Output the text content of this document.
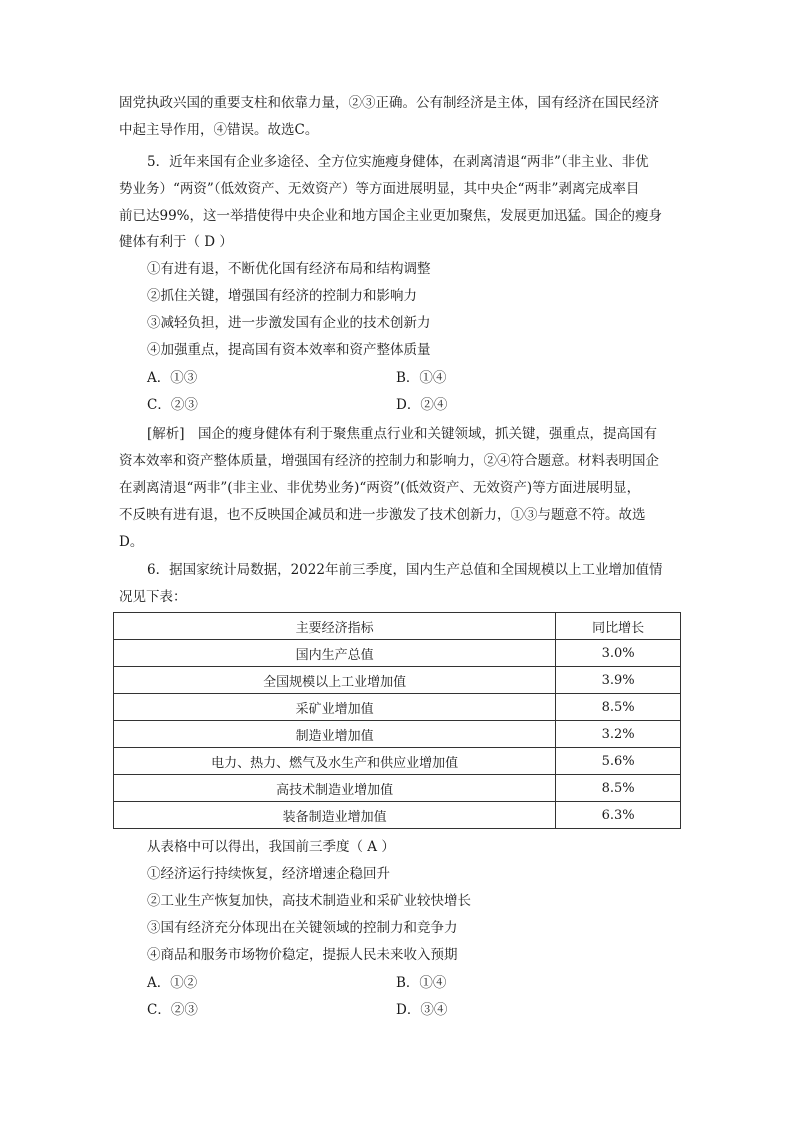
固党执政兴国的重要支柱和依靠力量，②③正确。公有制经济是主体，国有经济在国民经济

中起主导作用，④错误。故选C。

5．近年来国有企业多途径、全方位实施瘦身健体，在剥离清退“两非”（非主业、非优

势业务）“两资”（低效资产、无效资产）等方面进展明显，其中央企“两非”剥离完成率目

前已达99%，这一举措使得中央企业和地方国企主业更加聚焦，发展更加迅猛。国企的瘦身

健体有利于（ D ）

①有进有退，不断优化国有经济布局和结构调整

②抓住关键，增强国有经济的控制力和影响力

③减轻负担，进一步激发国有企业的技术创新力

④加强重点，提高国有资本效率和资产整体质量

A．①③	B．①④

C．②③	D．②④

[解析]　国企的瘦身健体有利于聚焦重点行业和关键领域，抓关键，强重点，提高国有

资本效率和资产整体质量，增强国有经济的控制力和影响力，②④符合题意。材料表明国企

在剥离清退“两非”(非主业、非优势业务)“两资”(低效资产、无效资产)等方面进展明显，

不反映有进有退，也不反映国企减员和进一步激发了技术创新力，①③与题意不符。故选

D。

6．据国家统计局数据，2022年前三季度，国内生产总值和全国规模以上工业增加值情

况见下表：

主要经济指标	同比增长
国内生产总值	3.0%
全国规模以上工业增加值	3.9%
采矿业增加值	8.5%
制造业增加值	3.2%
电力、热力、燃气及水生产和供应业增加值	5.6%
高技术制造业增加值	8.5%
装备制造业增加值	6.3%

从表格中可以得出，我国前三季度（ A ）

①经济运行持续恢复，经济增速企稳回升

②工业生产恢复加快，高技术制造业和采矿业较快增长

③国有经济充分体现出在关键领域的控制力和竞争力

④商品和服务市场物价稳定，提振人民未来收入预期

A．①②	B．①④

C．②③	D．③④
